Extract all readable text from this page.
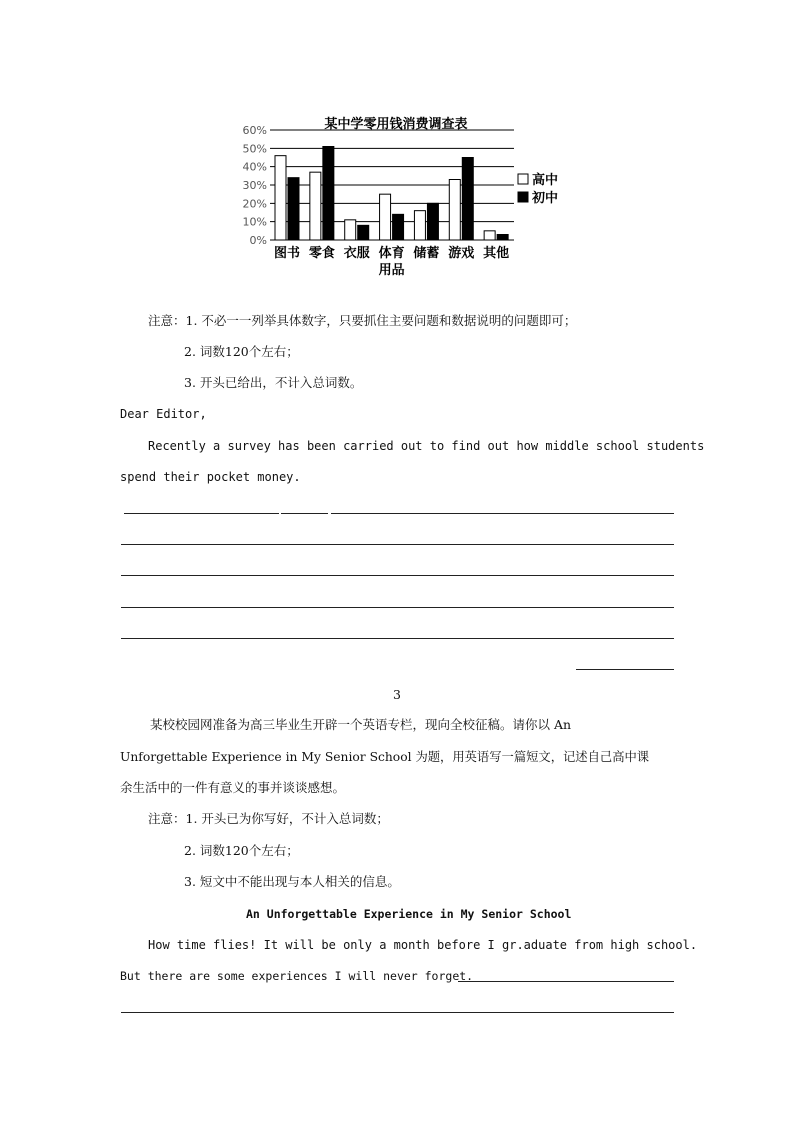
0%
10%
20%
30%
40%
50%
60%
图书 零食 衣服 体育
用品
储蓄 游戏 其他
高中
初中
某中学零用钱消费调查表
注意：1. 不必一一列举具体数字，只要抓住主要问题和数据说明的问题即可；
2. 词数120个左右；
3. 开头已给出，不计入总词数。
Dear Editor,
Recently a survey has been carried out to find out how middle school students
spend their pocket money.
3
某校校园网准备为高三毕业生开辟一个英语专栏，现向全校征稿。请你以 An
Unforgettable Experience in My Senior School 为题，用英语写一篇短文，记述自己高中课
余生活中的一件有意义的事并谈谈感想。
注意：1. 开头已为你写好，不计入总词数；
2. 词数120个左右；
3. 短文中不能出现与本人相关的信息。
An Unforgettable Experience in My Senior School
How time flies! It will be only a month before I gr.aduate from high school.
But there are some experiences I will never forget.
